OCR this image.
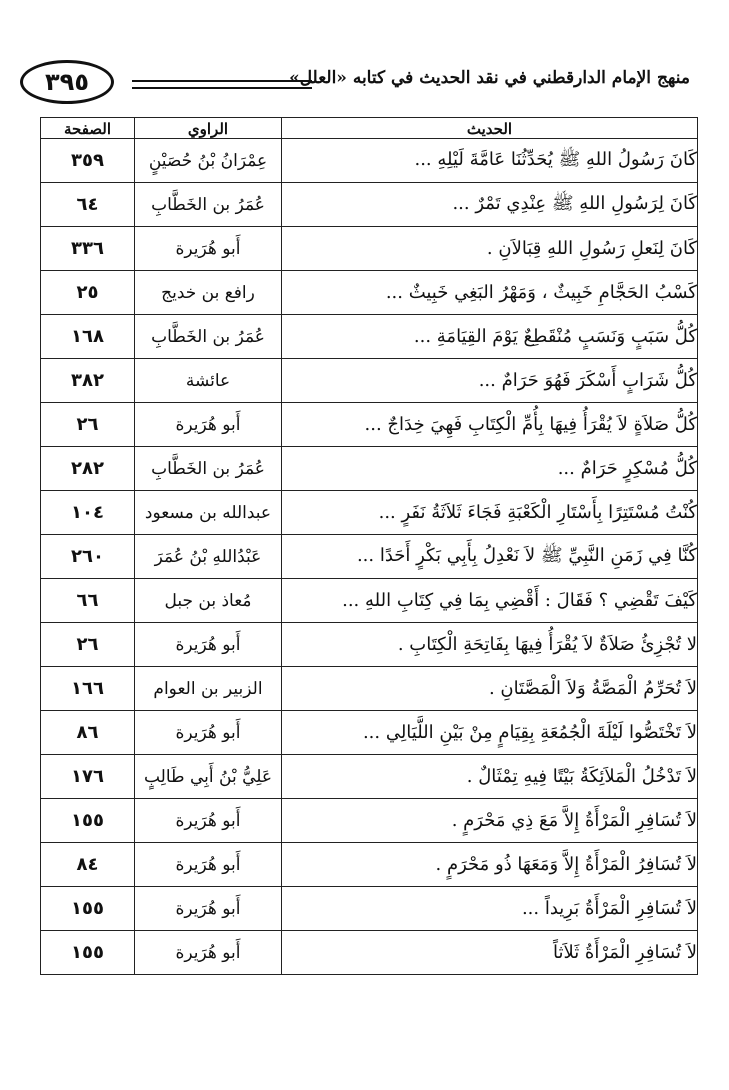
٣٩٥	منهج الإمام الدارقطني في نقد الحديث في كتابه «العلل»
الحديث	الراوي	الصفحة
كَانَ رَسُولُ اللهِ ﷺ يُحَدِّثُنَا عَامَّةَ لَيْلِهِ ...	عِمْرَانُ بْنُ حُصَيْنٍ	٣٥٩
كَانَ لِرَسُولِ اللهِ ﷺ عِنْدِي تَمْرٌ ...	عُمَرُ بن الخَطَّابِ	٦٤
كَانَ لِنَعلِ رَسُولِ اللهِ قِبَالاَنِ .	أَبو هُرَيرة	٣٣٦
كَسْبُ الحَجَّامِ خَبِيثٌ ، وَمَهْرُ البَغِي خَبِيثٌ ...	رافع بن خديج	٢٥
كُلُّ سَبَبٍ وَنَسَبٍ مُنْقَطِعٌ يَوْمَ القِيَامَةِ ...	عُمَرُ بن الخَطَّابِ	١٦٨
كُلُّ شَرَابٍ أَسْكَرَ فَهُوَ حَرَامٌ ...	عائشة	٣٨٢
كُلُّ صَلاَةٍ لاَ يُقْرَأُ فِيهَا بِأُمِّ الْكِتَابِ فَهِيَ خِدَاجٌ ...	أَبو هُرَيرة	٢٦
كُلُّ مُسْكِرٍ حَرَامٌ ...	عُمَرُ بن الخَطَّابِ	٢٨٢
كُنْتُ مُسْتَتِرًا بِأَسْتَارِ الْكَعْبَةِ فَجَاءَ ثَلاَثَةُ نَفَرٍ ...	عبدالله بن مسعود	١٠٤
كُنَّا فِي زَمَنِ النَّبِيِّ ﷺ لاَ نَعْدِلُ بِأَبِي بَكْرٍ أَحَدًا ...	عَبْدُاللهِ بْنُ عُمَرَ	٢٦٠
كَيْفَ تَقْضِي ؟ فَقَالَ : أَقْضِي بِمَا فِي كِتَابِ اللهِ ...	مُعاذ بن جبل	٦٦
لا تُجْزِئُ صَلاَةٌ لاَ يُقْرَأُ فِيهَا بِفَاتِحَةِ الْكِتَابِ .	أَبو هُرَيرة	٢٦
لاَ تُحَرِّمُ الْمَصَّةُ وَلاَ الْمَصَّتَانِ .	الزبير بن العوام	١٦٦
لاَ تَخْتَصُّوا لَيْلَةَ الْجُمُعَةِ بِقِيَامٍ مِنْ بَيْنِ اللَّيَالِي ...	أَبو هُرَيرة	٨٦
لاَ تَدْخُلُ الْمَلاَئِكَةُ بَيْتًا فِيهِ تِمْثَالٌ .	عَلِيُّ بْنُ أَبِي طَالِبٍ	١٧٦
لاَ تُسَافِرِ الْمَرْأَةُ إِلاَّ مَعَ ذِي مَحْرَمٍ .	أَبو هُرَيرة	١٥٥
لاَ تُسَافِرُ الْمَرْأَةُ إِلاَّ وَمَعَهَا ذُو مَحْرَمٍ .	أَبو هُرَيرة	٨٤
لاَ تُسَافِرِ الْمَرْأَةُ بَرِيداً ...	أَبو هُرَيرة	١٥٥
لاَ تُسَافِرِ الْمَرْأَةُ ثَلاَثاً	أَبو هُرَيرة	١٥٥
